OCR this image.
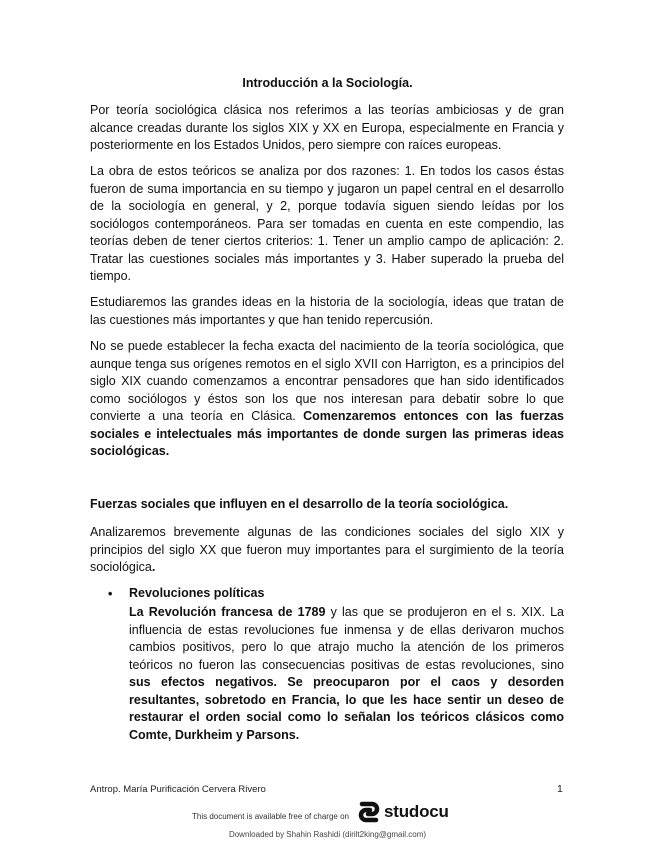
Introducción a la Sociología.

Por teoría sociológica clásica nos referimos a las teorías ambiciosas y de gran alcance creadas durante los siglos XIX y XX en Europa, especialmente en Francia y posteriormente en los Estados Unidos, pero siempre con raíces europeas.

La obra de estos teóricos se analiza por dos razones: 1. En todos los casos éstas fueron de suma importancia en su tiempo y jugaron un papel central en el desarrollo de la sociología en general, y 2, porque todavía siguen siendo leídas por los sociólogos contemporáneos. Para ser tomadas en cuenta en este compendio, las teorías deben de tener ciertos criterios: 1. Tener un amplio campo de aplicación: 2. Tratar las cuestiones sociales más importantes y 3. Haber superado la prueba del tiempo.

Estudiaremos las grandes ideas en la historia de la sociología, ideas que tratan de las cuestiones más importantes y que han tenido repercusión.

No se puede establecer la fecha exacta del nacimiento de la teoría sociológica, que aunque tenga sus orígenes remotos en el siglo XVII con Harrigton, es a principios del siglo XIX cuando comenzamos a encontrar pensadores que han sido identificados como sociólogos y éstos son los que nos interesan para debatir sobre lo que convierte a una teoría en Clásica. Comenzaremos entonces con las fuerzas sociales e intelectuales más importantes de donde surgen las primeras ideas sociológicas.

Fuerzas sociales que influyen en el desarrollo de la teoría sociológica.

Analizaremos brevemente algunas de las condiciones sociales del siglo XIX y principios del siglo XX que fueron muy importantes para el surgimiento de la teoría sociológica.

• Revoluciones políticas

La Revolución francesa de 1789 y las que se produjeron en el s. XIX. La influencia de estas revoluciones fue inmensa y de ellas derivaron muchos cambios positivos, pero lo que atrajo mucho la atención de los primeros teóricos no fueron las consecuencias positivas de estas revoluciones, sino sus efectos negativos. Se preocuparon por el caos y desorden resultantes, sobretodo en Francia, lo que les hace sentir un deseo de restaurar el orden social como lo señalan los teóricos clásicos como Comte, Durkheim y Parsons.

Antrop. María Purificación Cervera Rivero	1
This document is available free of charge on studocu
Downloaded by Shahin Rashidi (dirilt2king@gmail.com)
